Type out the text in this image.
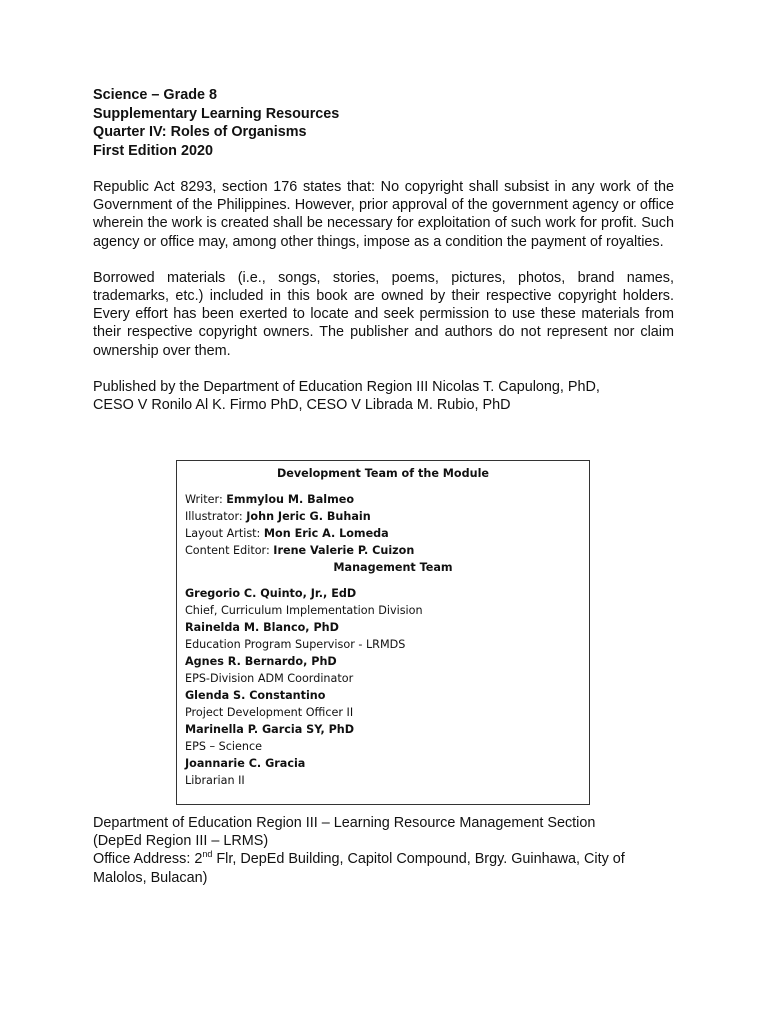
Science – Grade 8
Supplementary Learning Resources
Quarter IV: Roles of Organisms
First Edition 2020
Republic Act 8293, section 176 states that: No copyright shall subsist in any work of the Government of the Philippines. However, prior approval of the government agency or office wherein the work is created shall be necessary for exploitation of such work for profit. Such agency or office may, among other things, impose as a condition the payment of royalties.
Borrowed materials (i.e., songs, stories, poems, pictures, photos, brand names, trademarks, etc.) included in this book are owned by their respective copyright holders. Every effort has been exerted to locate and seek permission to use these materials from their respective copyright owners. The publisher and authors do not represent nor claim ownership over them.
Published by the Department of Education Region III Nicolas T. Capulong, PhD,
CESO V Ronilo Al K. Firmo PhD, CESO V Librada M. Rubio, PhD
Development Team of the Module
Writer: Emmylou M. Balmeo
Illustrator: John Jeric G. Buhain
Layout Artist: Mon Eric A. Lomeda
Content Editor: Irene Valerie P. Cuizon
Management Team
Gregorio C. Quinto, Jr., EdD
Chief, Curriculum Implementation Division
Rainelda M. Blanco, PhD
Education Program Supervisor - LRMDS
Agnes R. Bernardo, PhD
EPS-Division ADM Coordinator
Glenda S. Constantino
Project Development Officer II
Marinella P. Garcia SY, PhD
EPS – Science
Joannarie C. Gracia
Librarian II
Department of Education Region III – Learning Resource Management Section
(DepEd Region III – LRMS)
Office Address: 2nd Flr, DepEd Building, Capitol Compound, Brgy. Guinhawa, City of
Malolos, Bulacan)
